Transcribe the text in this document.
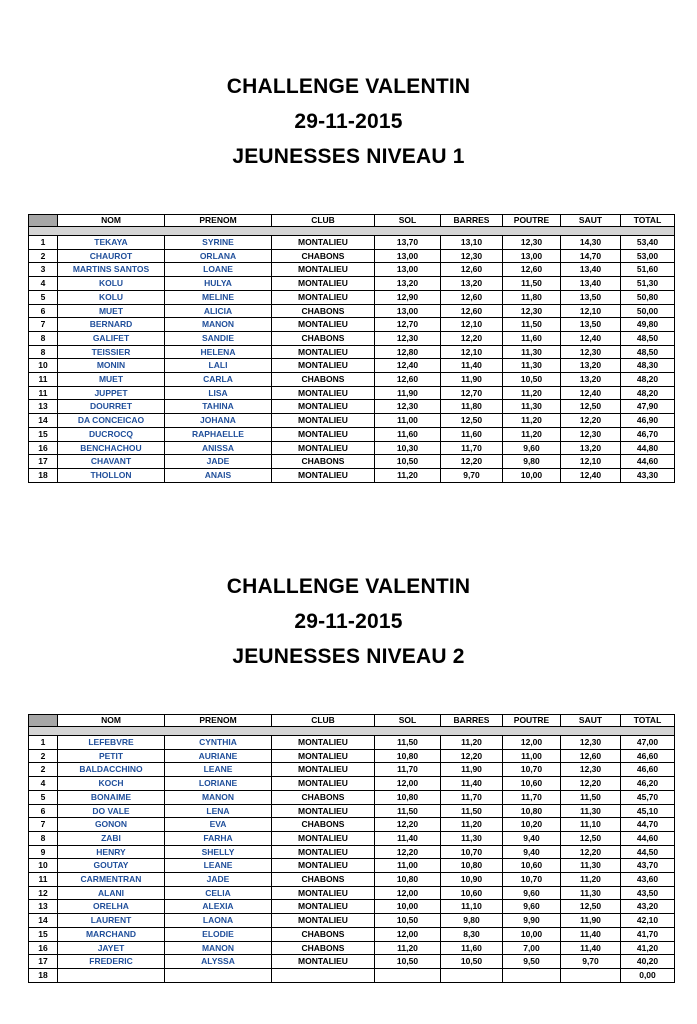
CHALLENGE VALENTIN
29-11-2015
JEUNESSES NIVEAU 1
	NOM	PRENOM	CLUB	SOL	BARRES	POUTRE	SAUT	TOTAL

1	TEKAYA	SYRINE	MONTALIEU	13,70	13,10	12,30	14,30	53,40
2	CHAUROT	ORLANA	CHABONS	13,00	12,30	13,00	14,70	53,00
3	MARTINS SANTOS	LOANE	MONTALIEU	13,00	12,60	12,60	13,40	51,60
4	KOLU	HULYA	MONTALIEU	13,20	13,20	11,50	13,40	51,30
5	KOLU	MELINE	MONTALIEU	12,90	12,60	11,80	13,50	50,80
6	MUET	ALICIA	CHABONS	13,00	12,60	12,30	12,10	50,00
7	BERNARD	MANON	MONTALIEU	12,70	12,10	11,50	13,50	49,80
8	GALIFET	SANDIE	CHABONS	12,30	12,20	11,60	12,40	48,50
8	TEISSIER	HELENA	MONTALIEU	12,80	12,10	11,30	12,30	48,50
10	MONIN	LALI	MONTALIEU	12,40	11,40	11,30	13,20	48,30
11	MUET	CARLA	CHABONS	12,60	11,90	10,50	13,20	48,20
11	JUPPET	LISA	MONTALIEU	11,90	12,70	11,20	12,40	48,20
13	DOURRET	TAHINA	MONTALIEU	12,30	11,80	11,30	12,50	47,90
14	DA CONCEICAO	JOHANA	MONTALIEU	11,00	12,50	11,20	12,20	46,90
15	DUCROCQ	RAPHAELLE	MONTALIEU	11,60	11,60	11,20	12,30	46,70
16	BENCHACHOU	ANISSA	MONTALIEU	10,30	11,70	9,60	13,20	44,80
17	CHAVANT	JADE	CHABONS	10,50	12,20	9,80	12,10	44,60
18	THOLLON	ANAIS	MONTALIEU	11,20	9,70	10,00	12,40	43,30
CHALLENGE VALENTIN
29-11-2015
JEUNESSES NIVEAU 2
	NOM	PRENOM	CLUB	SOL	BARRES	POUTRE	SAUT	TOTAL

1	LEFEBVRE	CYNTHIA	MONTALIEU	11,50	11,20	12,00	12,30	47,00
2	PETIT	AURIANE	MONTALIEU	10,80	12,20	11,00	12,60	46,60
2	BALDACCHINO	LEANE	MONTALIEU	11,70	11,90	10,70	12,30	46,60
4	KOCH	LORIANE	MONTALIEU	12,00	11,40	10,60	12,20	46,20
5	BONAIME	MANON	CHABONS	10,80	11,70	11,70	11,50	45,70
6	DO VALE	LENA	MONTALIEU	11,50	11,50	10,80	11,30	45,10
7	GONON	EVA	CHABONS	12,20	11,20	10,20	11,10	44,70
8	ZABI	FARHA	MONTALIEU	11,40	11,30	9,40	12,50	44,60
9	HENRY	SHELLY	MONTALIEU	12,20	10,70	9,40	12,20	44,50
10	GOUTAY	LEANE	MONTALIEU	11,00	10,80	10,60	11,30	43,70
11	CARMENTRAN	JADE	CHABONS	10,80	10,90	10,70	11,20	43,60
12	ALANI	CELIA	MONTALIEU	12,00	10,60	9,60	11,30	43,50
13	ORELHA	ALEXIA	MONTALIEU	10,00	11,10	9,60	12,50	43,20
14	LAURENT	LAONA	MONTALIEU	10,50	9,80	9,90	11,90	42,10
15	MARCHAND	ELODIE	CHABONS	12,00	8,30	10,00	11,40	41,70
16	JAYET	MANON	CHABONS	11,20	11,60	7,00	11,40	41,20
17	FREDERIC	ALYSSA	MONTALIEU	10,50	10,50	9,50	9,70	40,20
18								0,00
